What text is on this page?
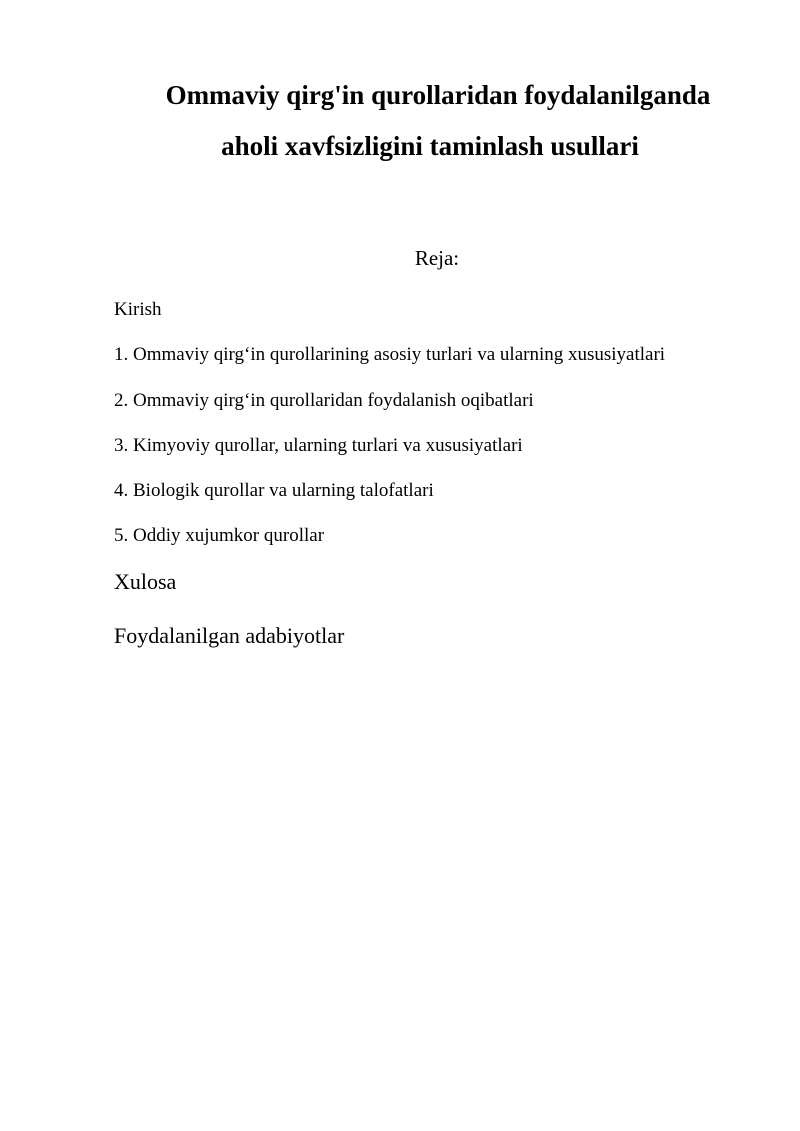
Ommaviy qirg'in qurollaridan foydalanilganda
aholi xavfsizligini taminlash usullari
Reja:
Kirish
1. Ommaviy qirg‘in qurollarining asosiy turlari va ularning xususiyatlari
2. Ommaviy qirg‘in qurollaridan foydalanish oqibatlari
3. Kimyoviy qurollar, ularning turlari va xususiyatlari
4. Biologik qurollar va ularning talofatlari
5. Oddiy xujumkor qurollar
Xulosa
Foydalanilgan adabiyotlar
